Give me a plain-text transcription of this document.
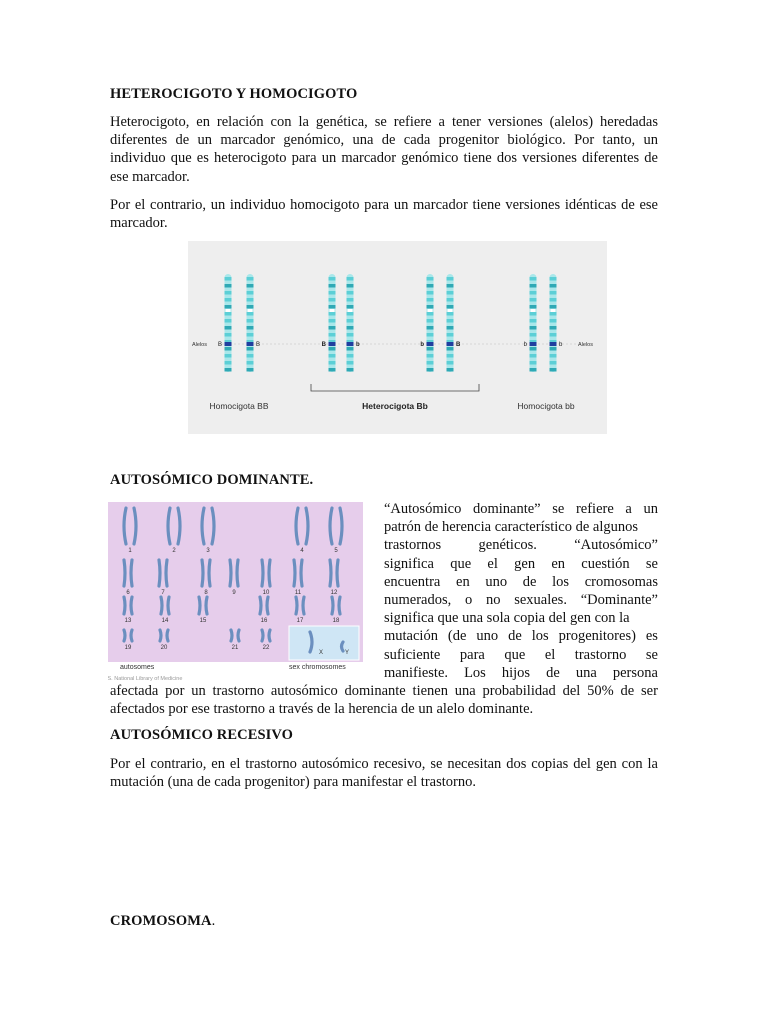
HETEROCIGOTO Y HOMOCIGOTO

Heterocigoto, en relación con la genética, se refiere a tener versiones (alelos) heredadas diferentes de un marcador genómico, una de cada progenitor biológico. Por tanto, un individuo que es heterocigoto para un marcador genómico tiene dos versiones diferentes de ese marcador.

Por el contrario, un individuo homocigoto para un marcador tiene versiones idénticas de ese marcador.

B	B	B	b	b	B	b	b
Alelos	Alelos
Homocigota BB	Heterocigota Bb	Homocigota bb
AUTOSÓMICO DOMINANTE.
1	2	3	4	5
6	7	8	9	10	11	12
13	14	15	16	17	18
19	20	21	22
X	Y
autosomes	sex chromosomes
U.S. National Library of Medicine
“Autosómico dominante” se refiere a un
patrón de herencia característico de algunos
trastornos	genéticos.	“Autosómico”
significa que el gen en cuestión se
encuentra en uno de los cromosomas
numerados, o no sexuales. “Dominante”
significa que una sola copia del gen con la
mutación (de uno de los progenitores) es
suficiente para que el trastorno se
manifieste. Los hijos de una persona
afectada por un trastorno autosómico dominante tienen una probabilidad del 50% de ser
afectados por ese trastorno a través de la herencia de un alelo dominante.
AUTOSÓMICO RECESIVO

Por el contrario, en el trastorno autosómico recesivo, se necesitan dos copias del gen con la mutación (una de cada progenitor) para manifestar el trastorno.

CROMOSOMA.
